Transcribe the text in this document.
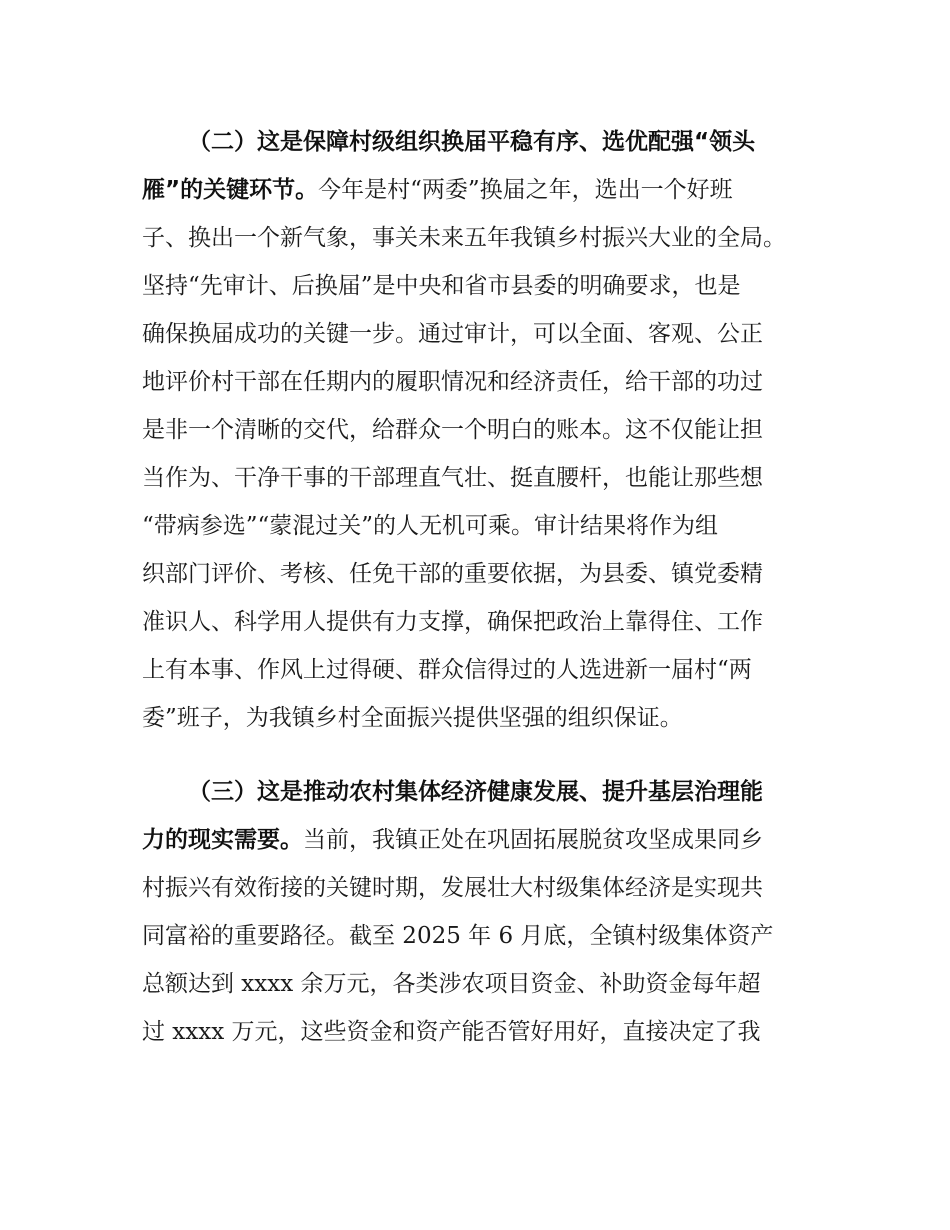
（二）这是保障村级组织换届平稳有序、选优配强“领头
雁”的关键环节。今年是村“两委”换届之年，选出一个好班
子、换出一个新气象，事关未来五年我镇乡村振兴大业的全局。
坚持“先审计、后换届”是中央和省市县委的明确要求，也是
确保换届成功的关键一步。通过审计，可以全面、客观、公正
地评价村干部在任期内的履职情况和经济责任，给干部的功过
是非一个清晰的交代，给群众一个明白的账本。这不仅能让担
当作为、干净干事的干部理直气壮、挺直腰杆，也能让那些想
“带病参选”“蒙混过关”的人无机可乘。审计结果将作为组
织部门评价、考核、任免干部的重要依据，为县委、镇党委精
准识人、科学用人提供有力支撑，确保把政治上靠得住、工作
上有本事、作风上过得硬、群众信得过的人选进新一届村“两
委”班子，为我镇乡村全面振兴提供坚强的组织保证。
（三）这是推动农村集体经济健康发展、提升基层治理能
力的现实需要。当前，我镇正处在巩固拓展脱贫攻坚成果同乡
村振兴有效衔接的关键时期，发展壮大村级集体经济是实现共
同富裕的重要路径。截至 2025 年 6 月底，全镇村级集体资产
总额达到 xxxx 余万元，各类涉农项目资金、补助资金每年超
过 xxxx 万元，这些资金和资产能否管好用好，直接决定了我
